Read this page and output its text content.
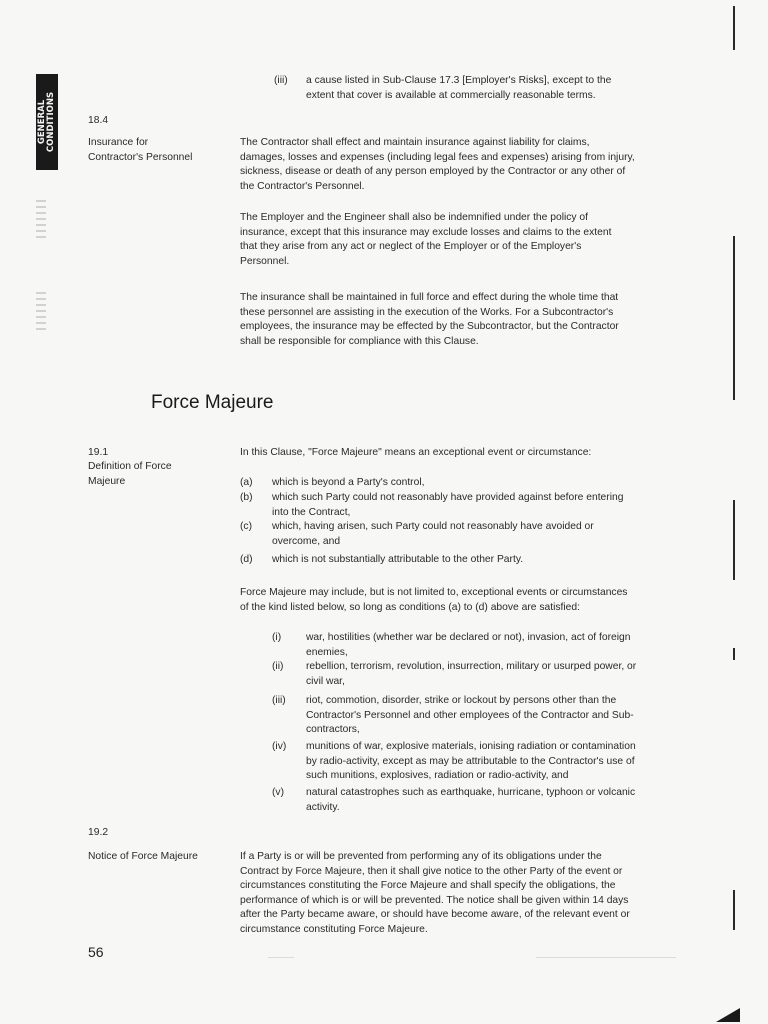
GENERAL
CONDITIONS
(iii)	a cause listed in Sub-Clause 17.3 [Employer's Risks], except to the
extent that cover is available at commercially reasonable terms.
18.4
Insurance for
Contractor's Personnel
The Contractor shall effect and maintain insurance against liability for claims,
damages, losses and expenses (including legal fees and expenses) arising from injury,
sickness, disease or death of any person employed by the Contractor or any other of
the Contractor's Personnel.
The Employer and the Engineer shall also be indemnified under the policy of
insurance, except that this insurance may exclude losses and claims to the extent
that they arise from any act or neglect of the Employer or of the Employer's
Personnel.
The insurance shall be maintained in full force and effect during the whole time that
these personnel are assisting in the execution of the Works. For a Subcontractor's
employees, the insurance may be effected by the Subcontractor, but the Contractor
shall be responsible for compliance with this Clause.
Force Majeure
19.1
Definition of Force
Majeure
In this Clause, "Force Majeure" means an exceptional event or circumstance:
(a)	which is beyond a Party's control,
(b)	which such Party could not reasonably have provided against before entering
into the Contract,
(c)	which, having arisen, such Party could not reasonably have avoided or
overcome, and
(d)	which is not substantially attributable to the other Party.
Force Majeure may include, but is not limited to, exceptional events or circumstances
of the kind listed below, so long as conditions (a) to (d) above are satisfied:
(i)	war, hostilities (whether war be declared or not), invasion, act of foreign
enemies,
(ii)	rebellion, terrorism, revolution, insurrection, military or usurped power, or
civil war,
(iii)	riot, commotion, disorder, strike or lockout by persons other than the
Contractor's Personnel and other employees of the Contractor and Sub-
contractors,
(iv)	munitions of war, explosive materials, ionising radiation or contamination
by radio-activity, except as may be attributable to the Contractor's use of
such munitions, explosives, radiation or radio-activity, and
(v)	natural catastrophes such as earthquake, hurricane, typhoon or volcanic
activity.
19.2
Notice of Force Majeure	If a Party is or will be prevented from performing any of its obligations under the
Contract by Force Majeure, then it shall give notice to the other Party of the event or
circumstances constituting the Force Majeure and shall specify the obligations, the
performance of which is or will be prevented. The notice shall be given within 14 days
after the Party became aware, or should have become aware, of the relevant event or
circumstance constituting Force Majeure.
56
